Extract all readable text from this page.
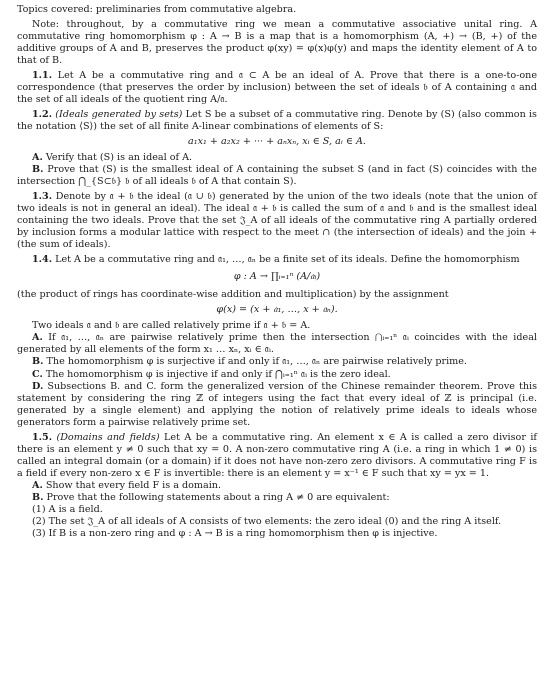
Topics covered: preliminaries from commutative algebra.

Note: throughout, by a commutative ring we mean a commutative associative unital ring. A commutative ring homomorphism φ : A → B is a map that is a homomorphism (A, +) → (B, +) of the additive groups of A and B, preserves the product φ(xy) = φ(x)φ(y) and maps the identity element of A to that of B.

1.1. Let A be a commutative ring and 𝔞 ⊂ A be an ideal of A. Prove that there is a one-to-one correspondence (that preserves the order by inclusion) between the set of ideals 𝔟 of A containing 𝔞 and the set of all ideals of the quotient ring A/𝔞.

1.2. (Ideals generated by sets) Let S be a subset of a commutative ring. Denote by (S) (also common is the notation ⟨S⟩) the set of all finite A-linear combinations of elements of S:

a₁x₁ + a₂x₂ + ··· + aₙxₙ, xᵢ ∈ S, aᵢ ∈ A.

A. Verify that (S) is an ideal of A.

B. Prove that (S) is the smallest ideal of A containing the subset S (and in fact (S) coincides with the intersection ⋂_{S⊂𝔟} 𝔟 of all ideals 𝔟 of A that contain S).

1.3. Denote by 𝔞 + 𝔟 the ideal (𝔞 ∪ 𝔟) generated by the union of the two ideals (note that the union of two ideals is not in general an ideal). The ideal 𝔞 + 𝔟 is called the sum of 𝔞 and 𝔟 and is the smallest ideal containing the two ideals. Prove that the set 𝔍_A of all ideals of the commutative ring A partially ordered by inclusion forms a modular lattice with respect to the meet ∩ (the intersection of ideals) and the join + (the sum of ideals).

1.4. Let A be a commutative ring and 𝔞₁, …, 𝔞ₙ be a finite set of its ideals. Define the homomorphism

φ : A → ∏ᵢ₌₁ⁿ (A/𝔞ᵢ)

(the product of rings has coordinate-wise addition and multiplication) by the assignment

φ(x) = (x + 𝔞₁, …, x + 𝔞ₙ).

Two ideals 𝔞 and 𝔟 are called relatively prime if 𝔞 + 𝔟 = A.

A. If 𝔞₁, …, 𝔞ₙ are pairwise relatively prime then the intersection ⋂ᵢ₌₁ⁿ 𝔞ᵢ coincides with the ideal generated by all elements of the form x₁ … xₙ, xᵢ ∈ 𝔞ᵢ.

B. The homomorphism φ is surjective if and only if 𝔞₁, …, 𝔞ₙ are pairwise relatively prime.

C. The homomorphism φ is injective if and only if ⋂ᵢ₌₁ⁿ 𝔞ᵢ is the zero ideal.

D. Subsections B. and C. form the generalized version of the Chinese remainder theorem. Prove this statement by considering the ring ℤ of integers using the fact that every ideal of ℤ is principal (i.e. generated by a single element) and applying the notion of relatively prime ideals to ideals whose generators form a pairwise relatively prime set.

1.5. (Domains and fields) Let A be a commutative ring. An element x ∈ A is called a zero divisor if there is an element y ≠ 0 such that xy = 0. A non-zero commutative ring A (i.e. a ring in which 1 ≠ 0) is called an integral domain (or a domain) if it does not have non-zero zero divisors. A commutative ring F is a field if every non-zero x ∈ F is invertible: there is an element y = x⁻¹ ∈ F such that xy = yx = 1.

A. Show that every field F is a domain.

B. Prove that the following statements about a ring A ≠ 0 are equivalent:

(1) A is a field.

(2) The set 𝔍_A of all ideals of A consists of two elements: the zero ideal (0) and the ring A itself.

(3) If B is a non-zero ring and φ : A → B is a ring homomorphism then φ is injective.
